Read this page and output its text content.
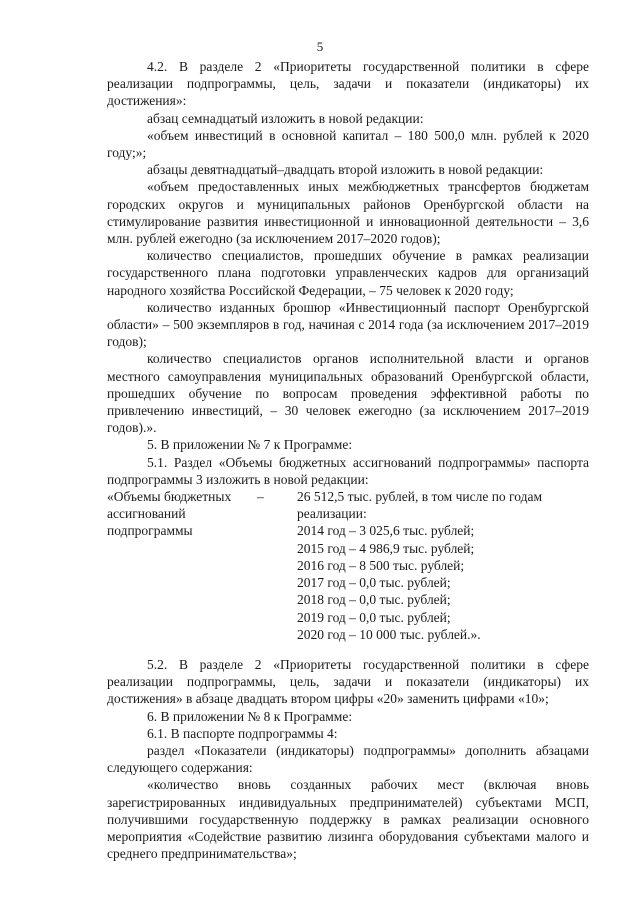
5

4.2. В разделе 2 «Приоритеты государственной политики в сфере реализации подпрограммы, цель, задачи и показатели (индикаторы) их достижения»:

абзац семнадцатый изложить в новой редакции:

«объем инвестиций в основной капитал – 180 500,0 млн. рублей к 2020 году;»;

абзацы девятнадцатый–двадцать второй изложить в новой редакции:

«объем предоставленных иных межбюджетных трансфертов бюджетам городских округов и муниципальных районов Оренбургской области на стимулирование развития инвестиционной и инновационной деятельности – 3,6 млн. рублей ежегодно (за исключением 2017–2020 годов);

количество специалистов, прошедших обучение в рамках реализации государственного плана подготовки управленческих кадров для организаций народного хозяйства Российской Федерации, – 75 человек к 2020 году;

количество изданных брошюр «Инвестиционный паспорт Оренбургской области» – 500 экземпляров в год, начиная с 2014 года (за исключением 2017–2019 годов);

количество специалистов органов исполнительной власти и органов местного самоуправления муниципальных образований Оренбургской области, прошедших обучение по вопросам проведения эффективной работы по привлечению инвестиций, – 30 человек ежегодно (за исключением 2017–2019 годов).».

5. В приложении № 7 к Программе:

5.1. Раздел «Объемы бюджетных ассигнований подпрограммы» паспорта подпрограммы 3 изложить в новой редакции:

«Объемы бюджетных ассигнований подпрограммы
–	26 512,5 тыс. рублей, в том числе по годам реализации:
2014 год – 3 025,6 тыс. рублей;
2015 год – 4 986,9 тыс. рублей;
2016 год – 8 500 тыс. рублей;
2017 год – 0,0 тыс. рублей;
2018 год – 0,0 тыс. рублей;
2019 год – 0,0 тыс. рублей;
2020 год – 10 000 тыс. рублей.».

5.2. В разделе 2 «Приоритеты государственной политики в сфере реализации подпрограммы, цель, задачи и показатели (индикаторы) их достижения» в абзаце двадцать втором цифры «20» заменить цифрами «10»;

6. В приложении № 8 к Программе:

6.1. В паспорте подпрограммы 4:

раздел «Показатели (индикаторы) подпрограммы» дополнить абзацами следующего содержания:

«количество вновь созданных рабочих мест (включая вновь зарегистрированных индивидуальных предпринимателей) субъектами МСП, получившими государственную поддержку в рамках реализации основного мероприятия «Содействие развитию лизинга оборудования субъектами малого и среднего предпринимательства»;
